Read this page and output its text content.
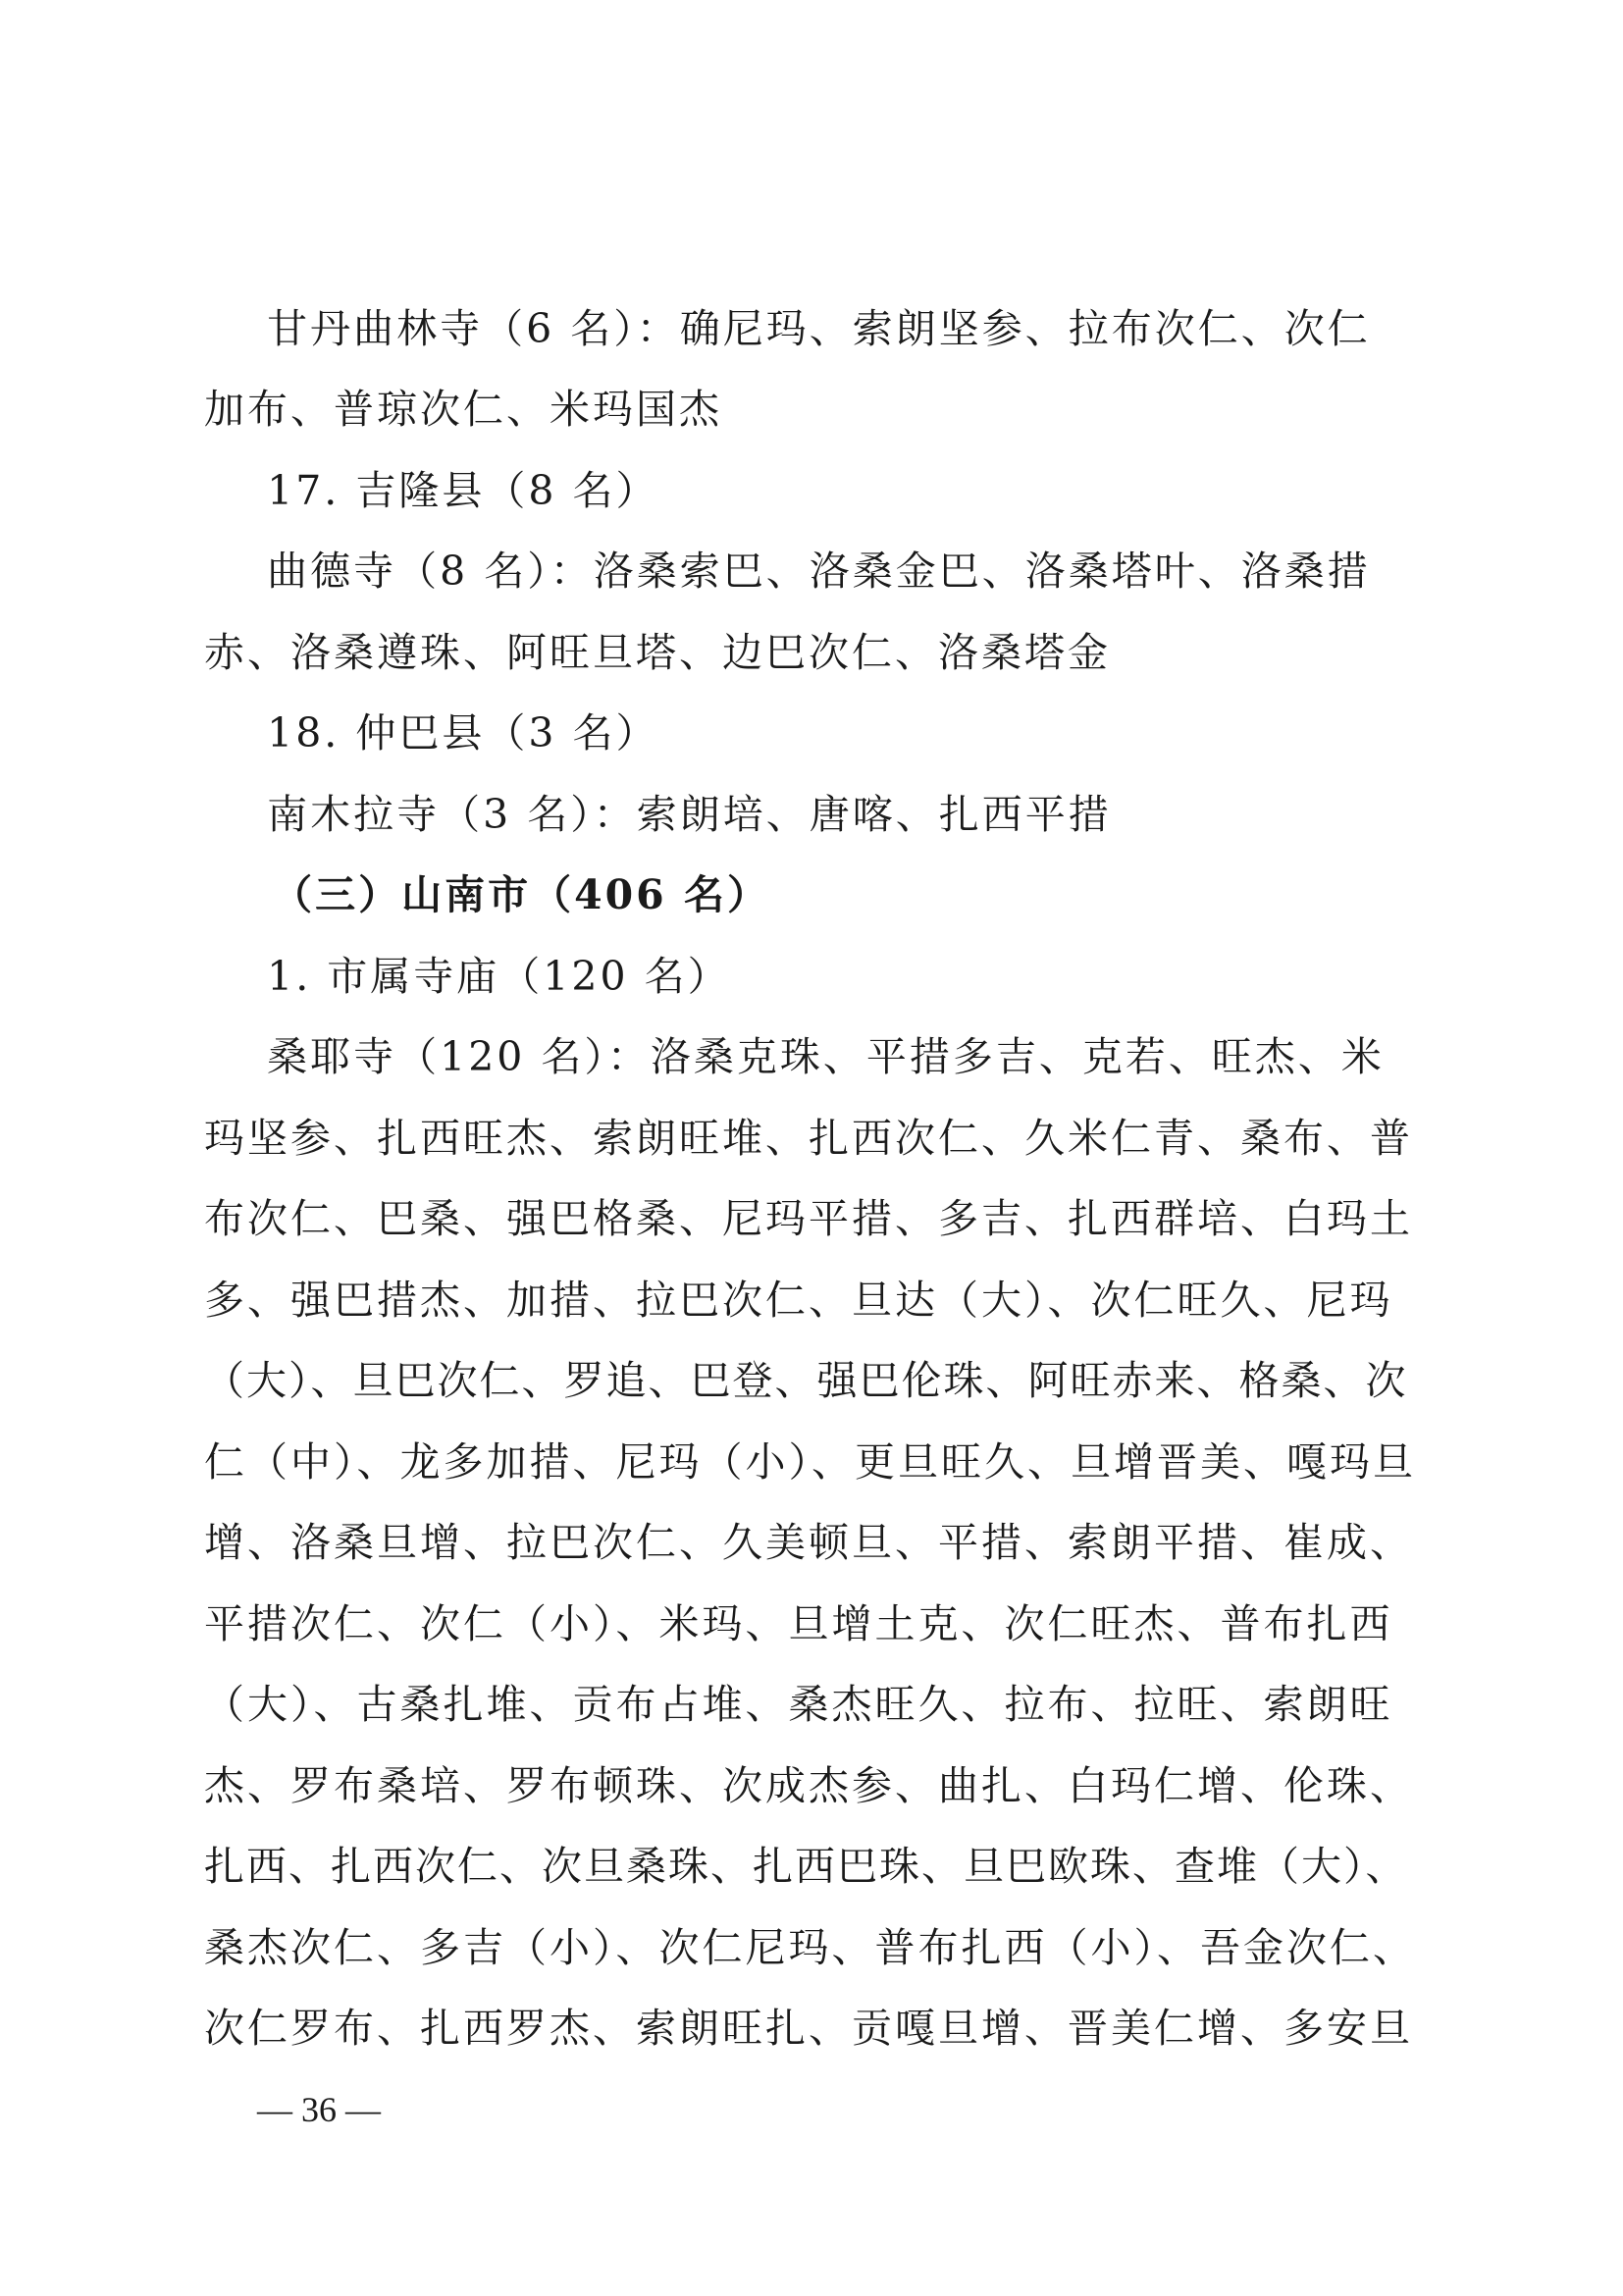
甘丹曲林寺（6 名）：确尼玛、索朗坚参、拉布次仁、次仁
加布、普琼次仁、米玛国杰
17. 吉隆县（8 名）
曲德寺（8 名）：洛桑索巴、洛桑金巴、洛桑塔叶、洛桑措
赤、洛桑遵珠、阿旺旦塔、边巴次仁、洛桑塔金
18. 仲巴县（3 名）
南木拉寺（3 名）：索朗培、唐喀、扎西平措
（三）山南市（406 名）
1. 市属寺庙（120 名）
桑耶寺（120 名）：洛桑克珠、平措多吉、克若、旺杰、米
玛坚参、扎西旺杰、索朗旺堆、扎西次仁、久米仁青、桑布、普
布次仁、巴桑、强巴格桑、尼玛平措、多吉、扎西群培、白玛土
多、强巴措杰、加措、拉巴次仁、旦达（大）、次仁旺久、尼玛
（大）、旦巴次仁、罗追、巴登、强巴伦珠、阿旺赤来、格桑、次
仁（中）、龙多加措、尼玛（小）、更旦旺久、旦增晋美、嘎玛旦
增、洛桑旦增、拉巴次仁、久美顿旦、平措、索朗平措、崔成、
平措次仁、次仁（小）、米玛、旦增土克、次仁旺杰、普布扎西
（大）、古桑扎堆、贡布占堆、桑杰旺久、拉布、拉旺、索朗旺
杰、罗布桑培、罗布顿珠、次成杰参、曲扎、白玛仁增、伦珠、
扎西、扎西次仁、次旦桑珠、扎西巴珠、旦巴欧珠、查堆（大）、
桑杰次仁、多吉（小）、次仁尼玛、普布扎西（小）、吾金次仁、
次仁罗布、扎西罗杰、索朗旺扎、贡嘎旦增、晋美仁增、多安旦
— 36 —
